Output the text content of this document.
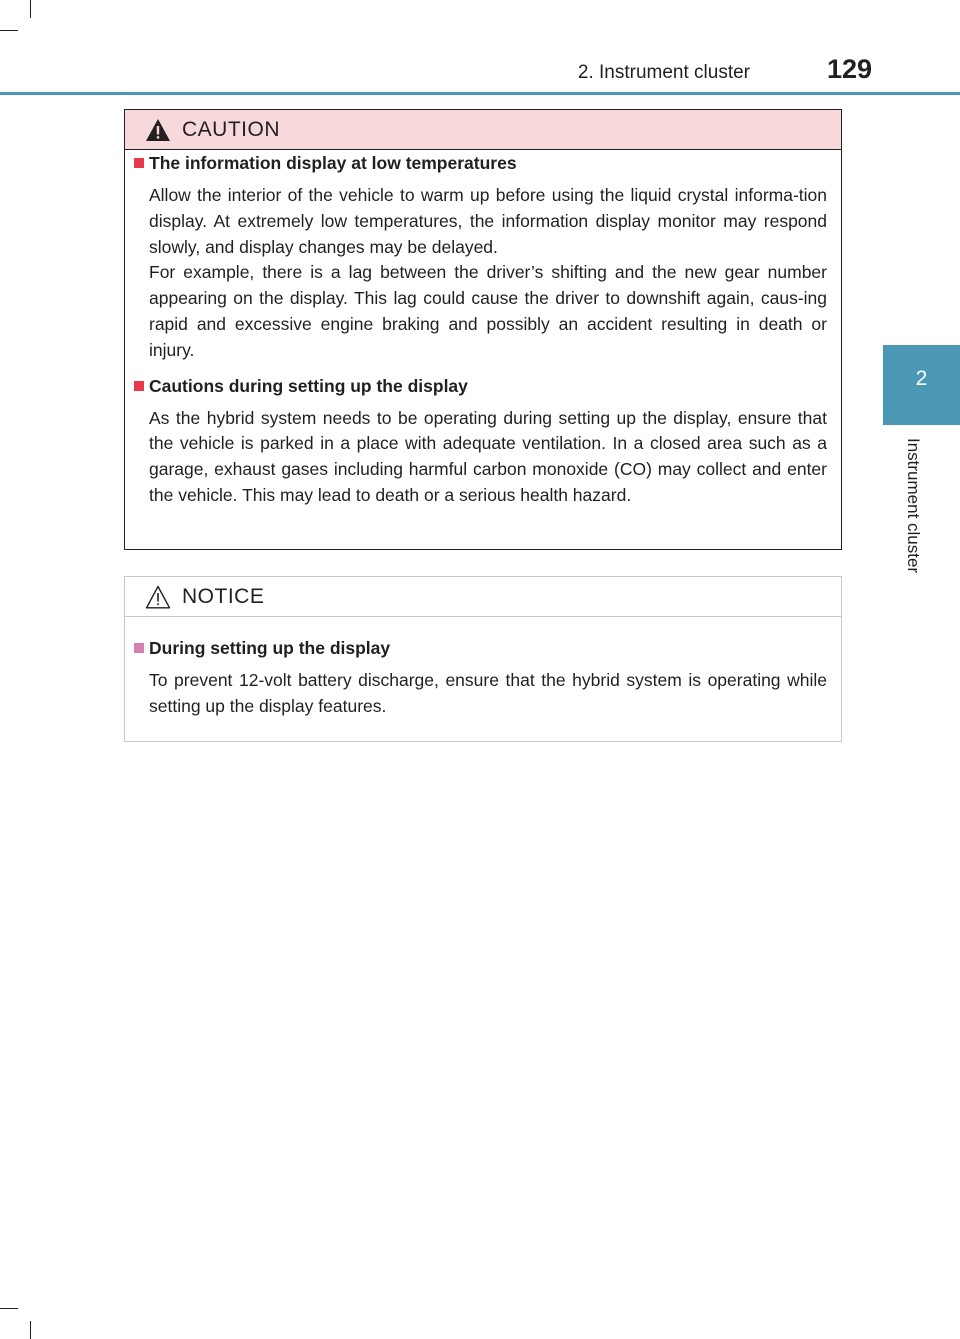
2. Instrument cluster	129
2
Instrument cluster
CAUTION
The information display at low temperatures

Allow the interior of the vehicle to warm up before using the liquid crystal informa-tion display. At extremely low temperatures, the information display monitor may respond slowly, and display changes may be delayed.

For example, there is a lag between the driver’s shifting and the new gear number appearing on the display. This lag could cause the driver to downshift again, caus-ing rapid and excessive engine braking and possibly an accident resulting in death or injury.

Cautions during setting up the display

As the hybrid system needs to be operating during setting up the display, ensure that the vehicle is parked in a place with adequate ventilation. In a closed area such as a garage, exhaust gases including harmful carbon monoxide (CO) may collect and enter the vehicle. This may lead to death or a serious health hazard.

NOTICE
During setting up the display

To prevent 12-volt battery discharge, ensure that the hybrid system is operating while setting up the display features.
